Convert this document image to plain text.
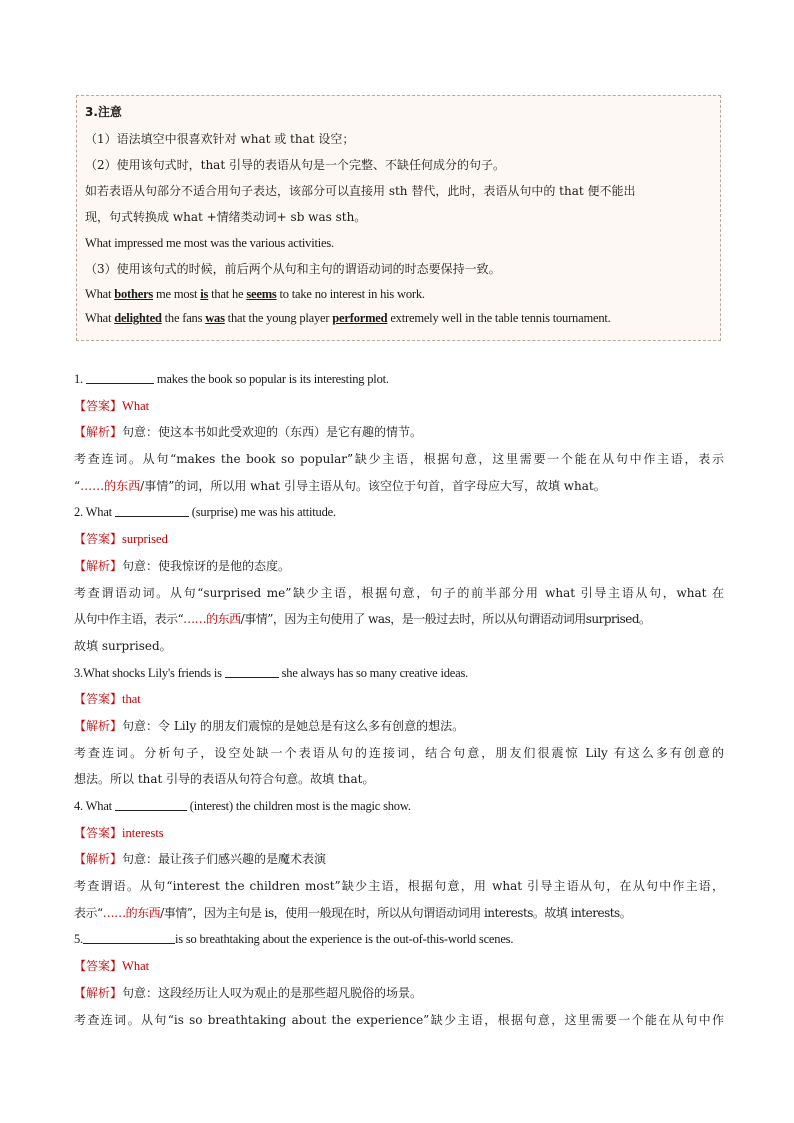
3.注意
（1）语法填空中很喜欢针对 what 或 that 设空；
（2）使用该句式时，that 引导的表语从句是一个完整、不缺任何成分的句子。
如若表语从句部分不适合用句子表达，该部分可以直接用 sth 替代，此时，表语从句中的 that 便不能出
现，句式转换成 what +情绪类动词+ sb was sth。
What impressed me most was the various activities.
（3）使用该句式的时候，前后两个从句和主句的谓语动词的时态要保持一致。
What bothers me most is that he seems to take no interest in his work.
What delighted the fans was that the young player performed extremely well in the table tennis tournament.
1.	makes the book so popular is its interesting plot.
【答案】What
【解析】句意：使这本书如此受欢迎的（东西）是它有趣的情节。
考查连词。从句“makes the book so popular”缺少主语，根据句意，这里需要一个能在从句中作主语，表示
“……的东西/事情”的词，所以用 what 引导主语从句。该空位于句首，首字母应大写，故填 what。
2. What	(surprise) me was his attitude.
【答案】surprised
【解析】句意：使我惊讶的是他的态度。
考查谓语动词。从句“surprised me”缺少主语，根据句意，句子的前半部分用 what 引导主语从句，what 在
从句中作主语，表示“……的东西/事情”，因为主句使用了 was，是一般过去时，所以从句谓语动词用surprised。
故填 surprised。
3.What shocks Lily's friends is	she always has so many creative ideas.
【答案】that
【解析】句意：令 Lily 的朋友们震惊的是她总是有这么多有创意的想法。
考查连词。分析句子，设空处缺一个表语从句的连接词，结合句意，朋友们很震惊 Lily 有这么多有创意的
想法。所以 that 引导的表语从句符合句意。故填 that。
4. What	(interest) the children most is the magic show.
【答案】interests
【解析】句意：最让孩子们感兴趣的是魔术表演
考查谓语。从句“interest the children most”缺少主语，根据句意，用 what 引导主语从句，在从句中作主语，
表示“……的东西/事情”，因为主句是 is，使用一般现在时，所以从句谓语动词用 interests。故填 interests。
5.	is so breathtaking about the experience is the out-of-this-world scenes.
【答案】What
【解析】句意：这段经历让人叹为观止的是那些超凡脱俗的场景。
考查连词。从句“is so breathtaking about the experience”缺少主语，根据句意，这里需要一个能在从句中作
